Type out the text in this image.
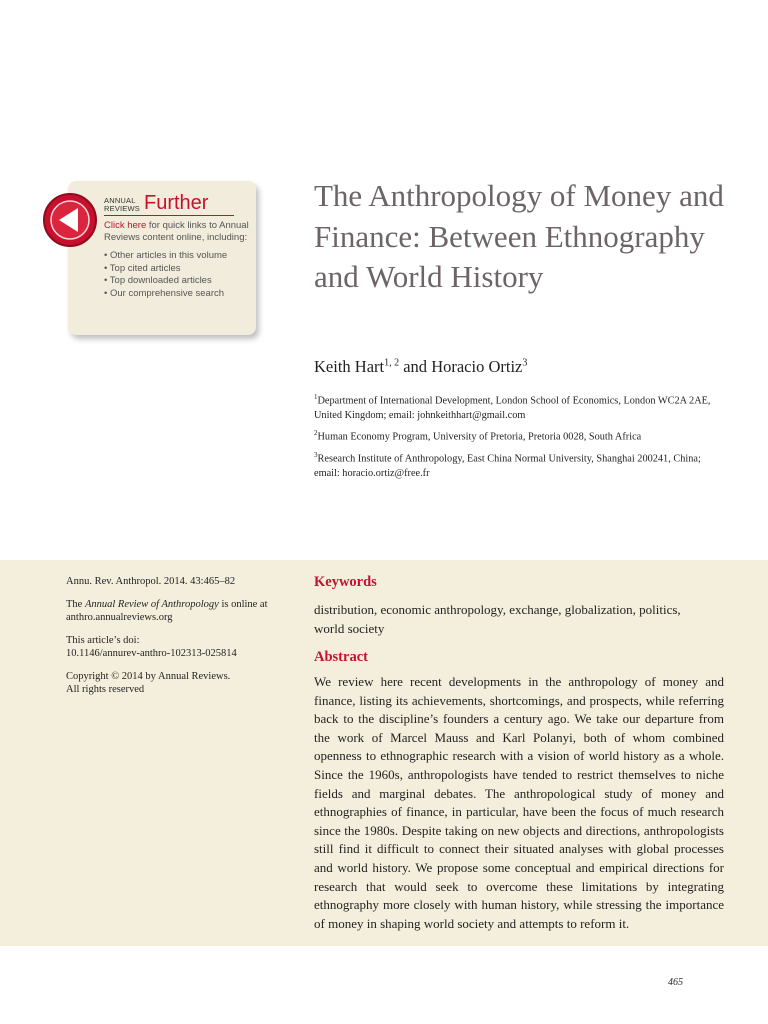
ANNUAL
REVIEWS Further
Click here for quick links to Annual Reviews content online, including:
• Other articles in this volume
• Top cited articles
• Top downloaded articles
• Our comprehensive search
The Anthropology of Money and Finance: Between Ethnography and World History
Keith Hart$^{1, 2}$ and Horacio Ortiz$^3$
$^1$Department of International Development, London School of Economics, London WC2A 2AE, United Kingdom; email: johnkeithhart@gmail.com
$^2$Human Economy Program, University of Pretoria, Pretoria 0028, South Africa
$^3$Research Institute of Anthropology, East China Normal University, Shanghai 200241, China; email: horacio.ortiz@free.fr

Annu. Rev. Anthropol. 2014. 43:465–82

The Annual Review of Anthropology is online at anthro.annualreviews.org

This article’s doi:
10.1146/annurev-anthro-102313-025814

Copyright © 2014 by Annual Reviews.
All rights reserved

Keywords
distribution, economic anthropology, exchange, globalization, politics, world society
Abstract

We review here recent developments in the anthropology of money and finance, listing its achievements, shortcomings, and prospects, while referring back to the discipline’s founders a century ago. We take our departure from the work of Marcel Mauss and Karl Polanyi, both of whom combined openness to ethnographic research with a vision of world history as a whole. Since the 1960s, anthropologists have tended to restrict themselves to niche fields and marginal debates. The anthropological study of money and ethnographies of finance, in particular, have been the focus of much research since the 1980s. Despite taking on new objects and directions, anthropologists still find it difficult to connect their situated analyses with global processes and world history. We propose some conceptual and empirical directions for research that would seek to overcome these limitations by integrating ethnography more closely with human history, while stressing the importance of money in shaping world society and attempts to reform it.

465
